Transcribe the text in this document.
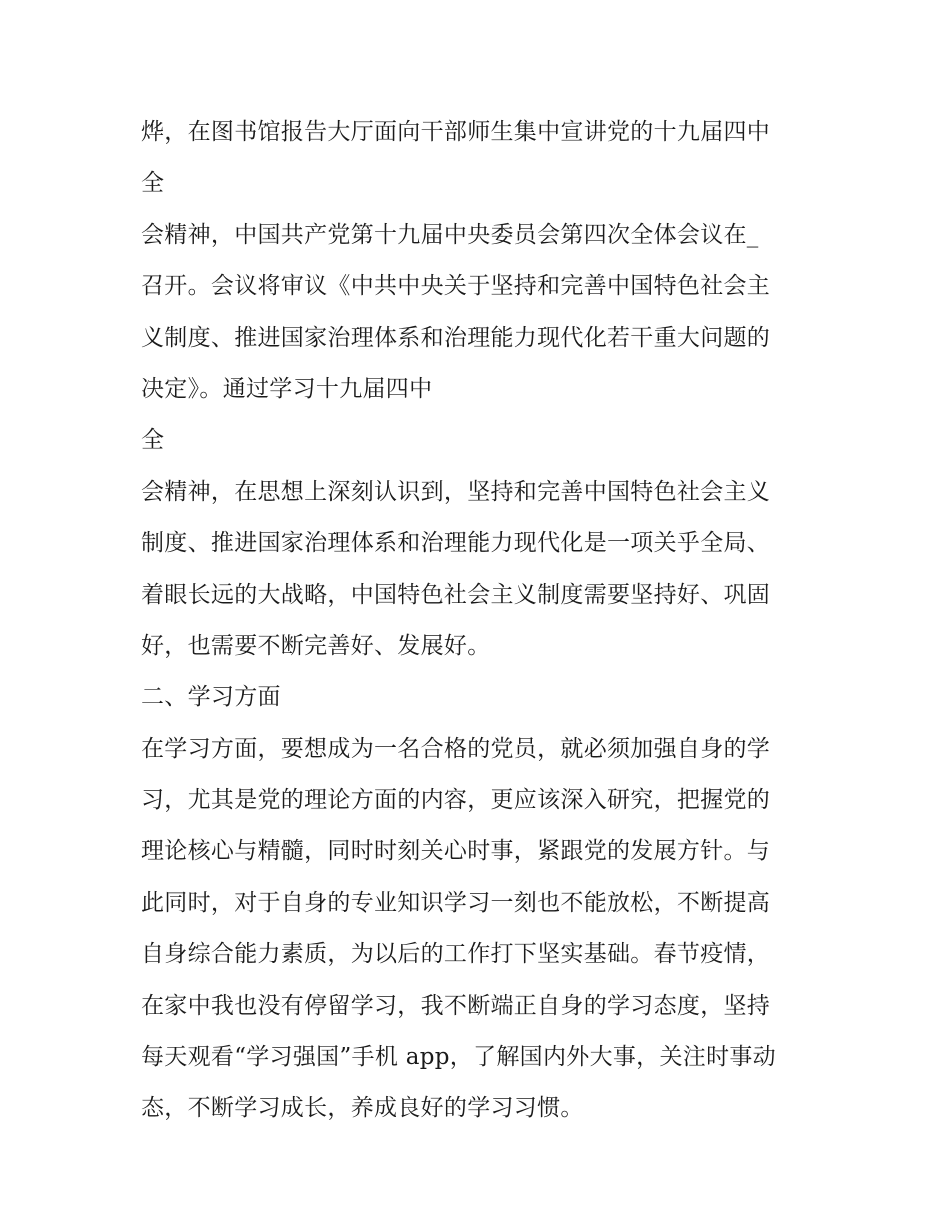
烨，在图书馆报告大厅面向干部师生集中宣讲党的十九届四中
全
会精神，中国共产党第十九届中央委员会第四次全体会议在_
召开。会议将审议《中共中央关于坚持和完善中国特色社会主
义制度、推进国家治理体系和治理能力现代化若干重大问题的
决定》。通过学习十九届四中
全
会精神，在思想上深刻认识到，坚持和完善中国特色社会主义
制度、推进国家治理体系和治理能力现代化是一项关乎全局、
着眼长远的大战略，中国特色社会主义制度需要坚持好、巩固
好，也需要不断完善好、发展好。
二、学习方面
在学习方面，要想成为一名合格的党员，就必须加强自身的学
习，尤其是党的理论方面的内容，更应该深入研究，把握党的
理论核心与精髓，同时时刻关心时事，紧跟党的发展方针。与
此同时，对于自身的专业知识学习一刻也不能放松，不断提高
自身综合能力素质，为以后的工作打下坚实基础。春节疫情，
在家中我也没有停留学习，我不断端正自身的学习态度，坚持
每天观看“学习强国”手机 app，了解国内外大事，关注时事动
态，不断学习成长，养成良好的学习习惯。
